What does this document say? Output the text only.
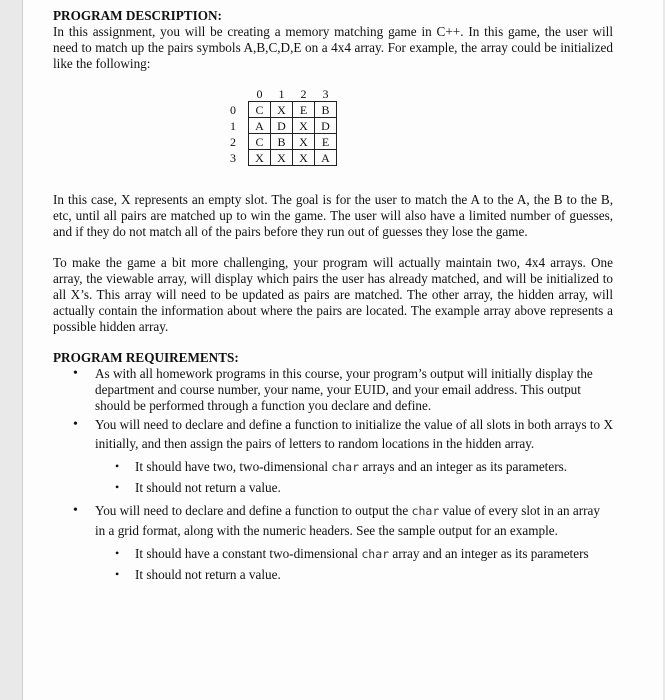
PROGRAM DESCRIPTION:

In this assignment, you will be creating a memory matching game in C++. In this game, the user will need to match up the pairs symbols A,B,C,D,E on a 4x4 array. For example, the array could be initialized like the following:

In this case, X represents an empty slot. The goal is for the user to match the A to the A, the B to the B, etc, until all pairs are matched up to win the game. The user will also have a limited number of guesses, and if they do not match all of the pairs before they run out of guesses they lose the game.

To make the game a bit more challenging, your program will actually maintain two, 4x4 arrays. One array, the viewable array, will display which pairs the user has already matched, and will be initialized to all X’s. This array will need to be updated as pairs are matched. The other array, the hidden array, will actually contain the information about where the pairs are located. The example array above represents a possible hidden array.

PROGRAM REQUIREMENTS:
• As with all homework programs in this course, your program’s output will initially display the department and course number, your name, your EUID, and your email address. This output should be performed through a function you declare and define.
• You will need to declare and define a function to initialize the value of all slots in both arrays to X initially, and then assign the pairs of letters to random locations in the hidden array.
• It should have two, two-dimensional char arrays and an integer as its parameters.
• It should not return a value.
• You will need to declare and define a function to output the char value of every slot in an array in a grid format, along with the numeric headers. See the sample output for an example.
• It should have a constant two-dimensional char array and an integer as its parameters
• It should not return a value.
	0	1	2	3
0	C	X	E	B
1	A	D	X	D
2	C	B	X	E
3	X	X	X	A
